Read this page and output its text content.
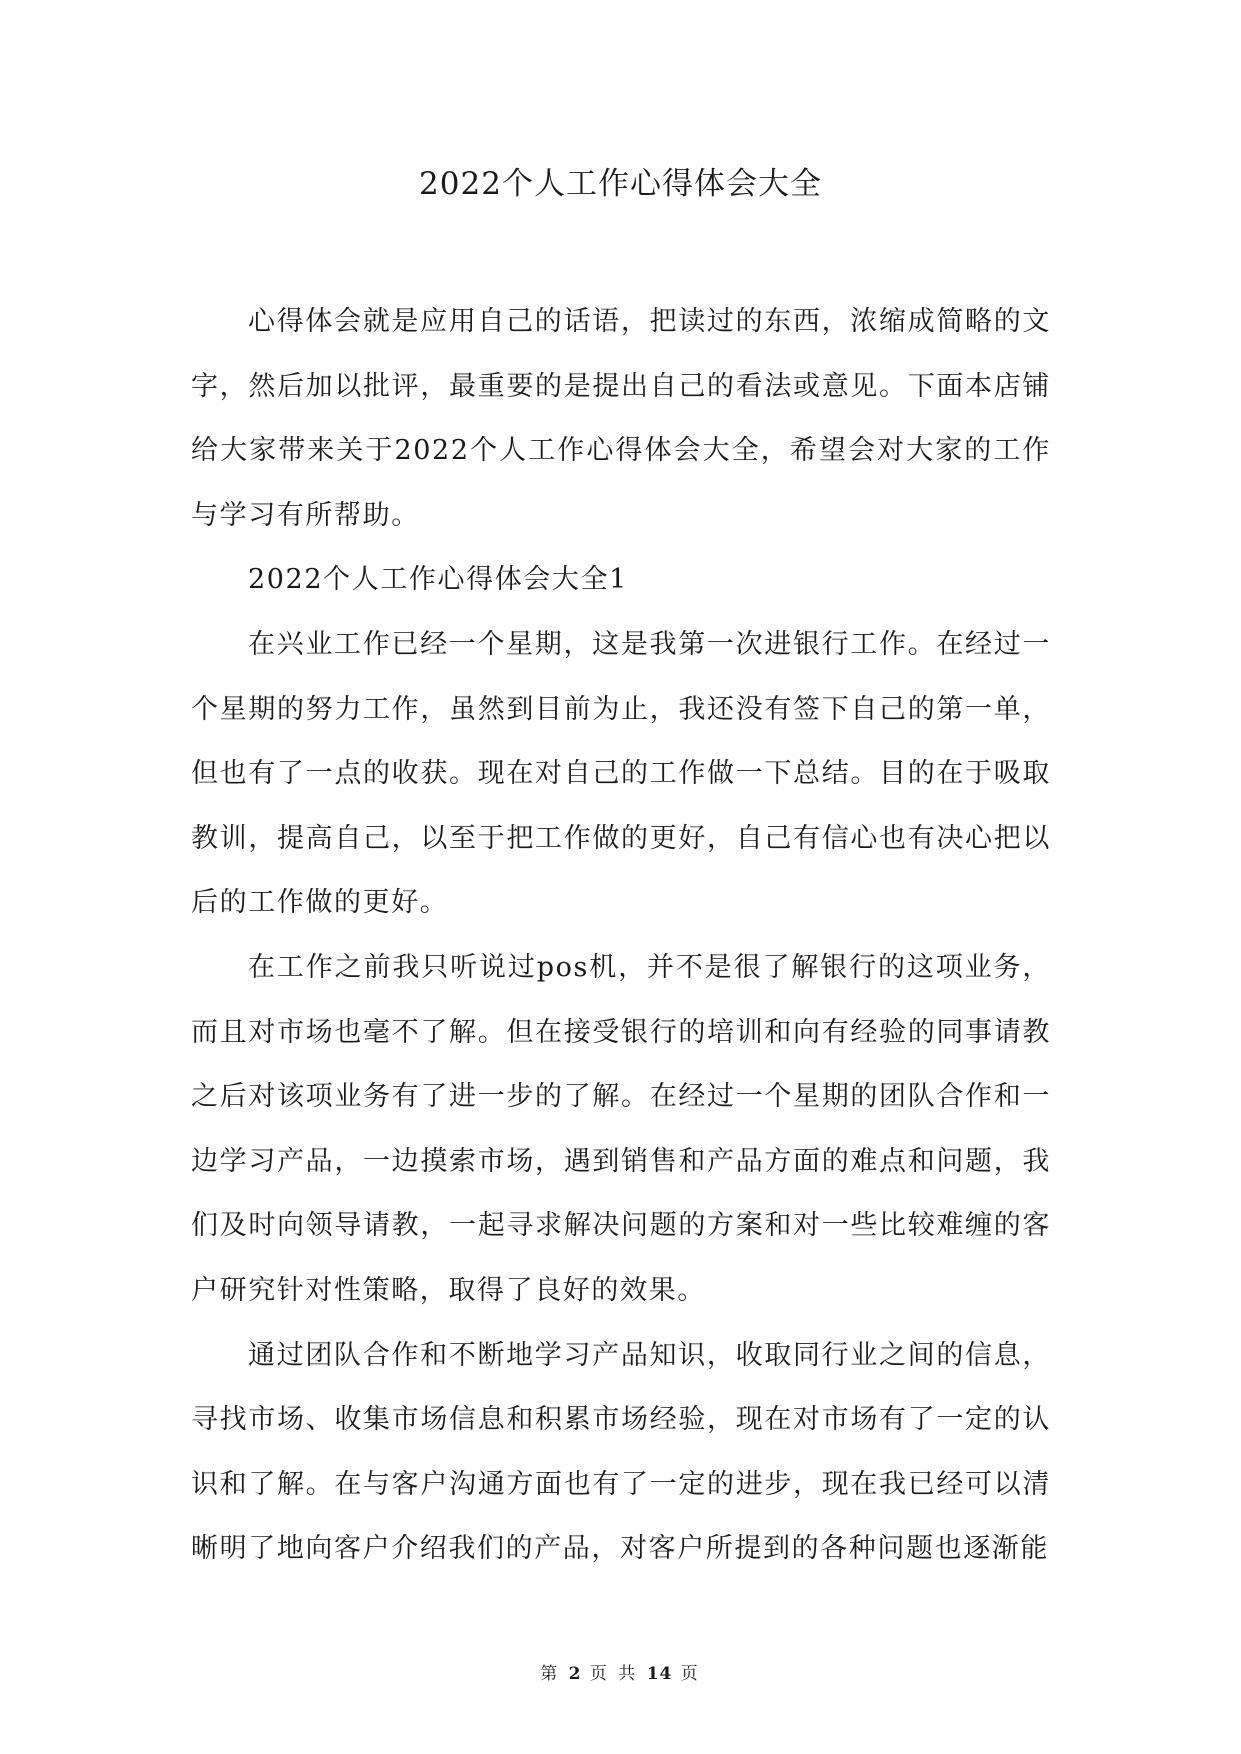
2022个人工作心得体会大全

心得体会就是应用自己的话语，把读过的东西，浓缩成简略的文字，然后加以批评，最重要的是提出自己的看法或意见。下面本店铺给大家带来关于2022个人工作心得体会大全，希望会对大家的工作与学习有所帮助。

2022个人工作心得体会大全1

在兴业工作已经一个星期，这是我第一次进银行工作。在经过一个星期的努力工作，虽然到目前为止，我还没有签下自己的第一单，但也有了一点的收获。现在对自己的工作做一下总结。目的在于吸取教训，提高自己，以至于把工作做的更好，自己有信心也有决心把以后的工作做的更好。

在工作之前我只听说过pos机，并不是很了解银行的这项业务，而且对市场也毫不了解。但在接受银行的培训和向有经验的同事请教之后对该项业务有了进一步的了解。在经过一个星期的团队合作和一边学习产品，一边摸索市场，遇到销售和产品方面的难点和问题，我们及时向领导请教，一起寻求解决问题的方案和对一些比较难缠的客户研究针对性策略，取得了良好的效果。

通过团队合作和不断地学习产品知识，收取同行业之间的信息，寻找市场、收集市场信息和积累市场经验，现在对市场有了一定的认识和了解。在与客户沟通方面也有了一定的进步，现在我已经可以清晰明了地向客户介绍我们的产品，对客户所提到的各种问题也逐渐能

第 2 页 共 14 页
